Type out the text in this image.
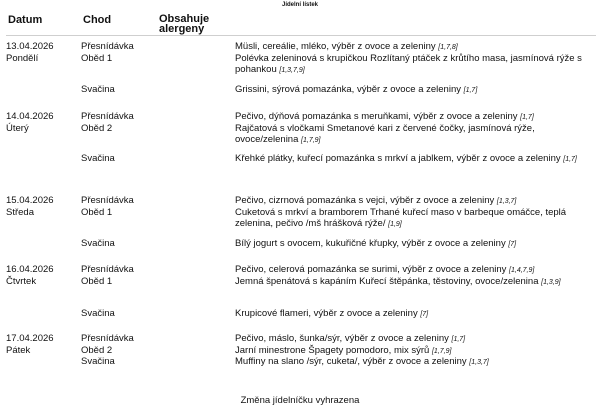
Jídelní lístek
Datum	Chod	Obsahuje alergeny
13.04.2026
Pondělí
Přesnídávka	Müsli, cereálie, mléko, výběr z ovoce a zeleniny [1,7,8]
Oběd 1	Polévka zeleninová s krupičkou Rozlítaný ptáček z krůtího masa, jasmínová rýže s pohankou [1,3,7,9]
Svačina	Grissini, sýrová pomazánka, výběr z ovoce a zeleniny [1,7]
14.04.2026
Úterý
Přesnídávka	Pečivo, dýňová pomazánka s meruňkami, výběr z ovoce a zeleniny [1,7]
Oběd 2	Rajčatová s vločkami Smetanové kari z červené čočky, jasmínová rýže, ovoce/zelenina [1,7,9]
Svačina	Křehké plátky, kuřecí pomazánka s mrkví a jablkem, výběr z ovoce a zeleniny [1,7]
15.04.2026
Středa
Přesnídávka	Pečivo, cizrnová pomazánka s vejci, výběr z ovoce a zeleniny [1,3,7]
Oběd 1	Cuketová s mrkví a bramborem Trhané kuřecí maso v barbeque omáčce, teplá zelenina, pečivo /mš hrášková rýže/ [1,9]
Svačina	Bílý jogurt s ovocem, kukuřičné křupky, výběr z ovoce a zeleniny [7]
16.04.2026
Čtvrtek
Přesnídávka	Pečivo, celerová pomazánka se surimi, výběr z ovoce a zeleniny [1,4,7,9]
Oběd 1	Jemná špenátová s kapáním Kuřecí štěpánka, těstoviny, ovoce/zelenina [1,3,9]
Svačina	Krupicové flameri, výběr z ovoce a zeleniny [7]
17.04.2026
Pátek
Přesnídávka	Pečivo, máslo, šunka/sýr, výběr z ovoce a zeleniny [1,7]
Oběd 2	Jarní minestrone Špagety pomodoro, mix sýrů [1,7,9]
Svačina	Muffiny na slano /sýr, cuketa/, výběr z ovoce a zeleniny [1,3,7]
Změna jídelníčku vyhrazena
